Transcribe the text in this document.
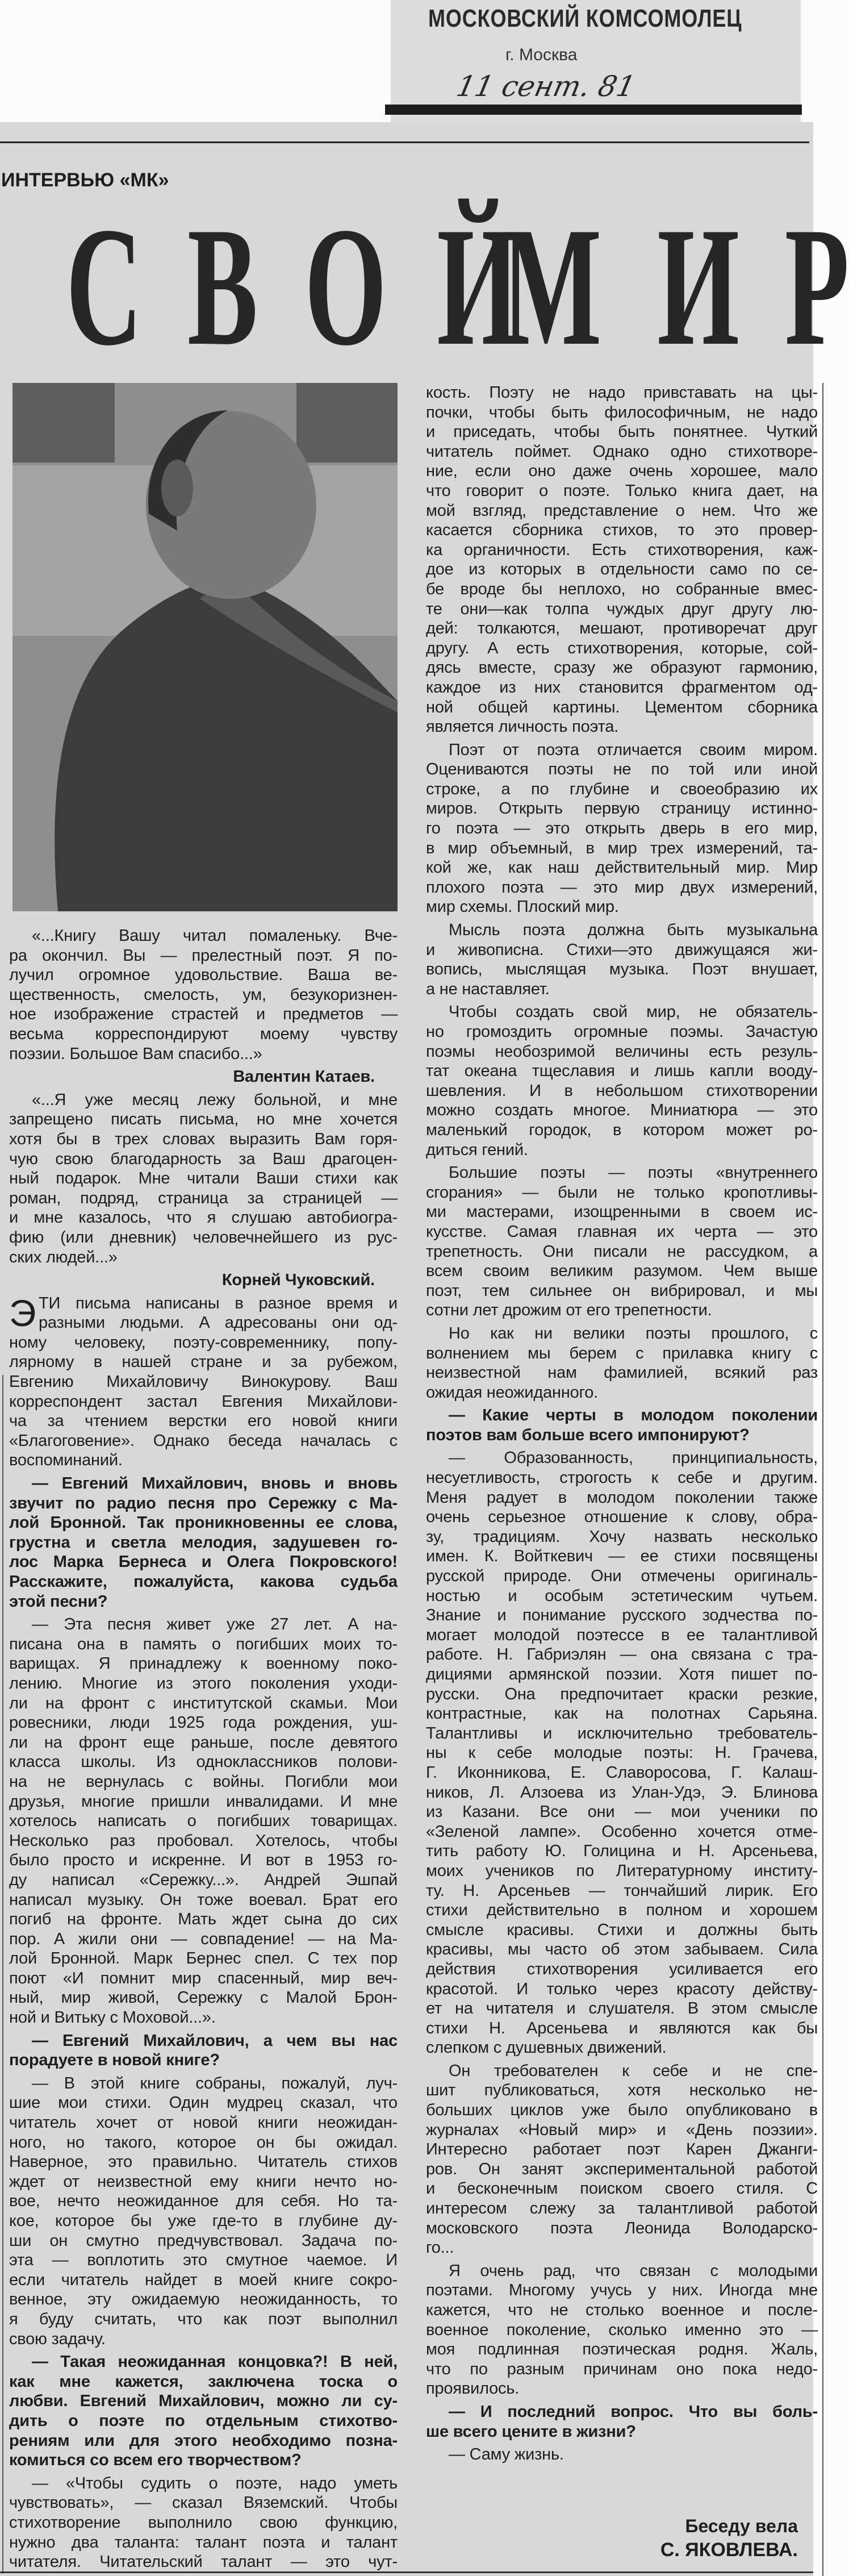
МОСКОВСКИЙ КОМСОМОЛЕЦ
г. Москва
11 сент. 81
ИНТЕРВЬЮ «МК»
С В О Й
М И Р
«...Книгу Вашу читал помаленьку. Вче-
ра окончил. Вы — прелестный поэт. Я по-
лучил огромное удовольствие. Ваша ве-
щественность, смелость, ум, безукоризнен-
ное изображение страстей и предметов —
весьма корреспондируют моему чувству
поэзии. Большое Вам спасибо...»
Валентин Катаев.
«...Я уже месяц лежу больной, и мне
запрещено писать письма, но мне хочется
хотя бы в трех словах выразить Вам горя-
чую свою благодарность за Ваш драгоцен-
ный подарок. Мне читали Ваши стихи как
роман, подряд, страница за страницей —
и мне казалось, что я слушаю автобиогра-
фию (или дневник) человечнейшего из рус-
ских людей...»
Корней Чуковский.
Э ТИ письма написаны в разное время и
разными людьми. А адресованы они од-
ному человеку, поэту-современнику, попу-
лярному в нашей стране и за рубежом,
Евгению Михайловичу Винокурову. Ваш
корреспондент застал Евгения Михайлови-
ча за чтением верстки его новой книги
«Благоговение». Однако беседа началась с
воспоминаний.
— Евгений Михайлович, вновь и вновь
звучит по радио песня про Сережку с Ма-
лой Бронной. Так проникновенны ее слова,
грустна и светла мелодия, задушевен го-
лос Марка Бернеса и Олега Покровского!
Расскажите, пожалуйста, какова судьба
этой песни?
— Эта песня живет уже 27 лет. А на-
писана она в память о погибших моих то-
варищах. Я принадлежу к военному поко-
лению. Многие из этого поколения уходи-
ли на фронт с институтской скамьи. Мои
ровесники, люди 1925 года рождения, уш-
ли на фронт еще раньше, после девятого
класса школы. Из одноклассников полови-
на не вернулась с войны. Погибли мои
друзья, многие пришли инвалидами. И мне
хотелось написать о погибших товарищах.
Несколько раз пробовал. Хотелось, чтобы
было просто и искренне. И вот в 1953 го-
ду написал «Сережку...». Андрей Эшпай
написал музыку. Он тоже воевал. Брат его
погиб на фронте. Мать ждет сына до сих
пор. А жили они — совпадение! — на Ма-
лой Бронной. Марк Бернес спел. С тех пор
поют «И помнит мир спасенный, мир веч-
ный, мир живой, Сережку с Малой Брон-
ной и Витьку с Моховой...».
— Евгений Михайлович, а чем вы нас
порадуете в новой книге?
— В этой книге собраны, пожалуй, луч-
шие мои стихи. Один мудрец сказал, что
читатель хочет от новой книги неожидан-
ного, но такого, которое он бы ожидал.
Наверное, это правильно. Читатель стихов
ждет от неизвестной ему книги нечто но-
вое, нечто неожиданное для себя. Но та-
кое, которое бы уже где-то в глубине ду-
ши он смутно предчувствовал. Задача по-
эта — воплотить это смутное чаемое. И
если читатель найдет в моей книге сокро-
венное, эту ожидаемую неожиданность, то
я буду считать, что как поэт выполнил
свою задачу.
— Такая неожиданная концовка?! В ней,
как мне кажется, заключена тоска о
любви. Евгений Михайлович, можно ли су-
дить о поэте по отдельным стихотво-
рениям или для этого необходимо позна-
комиться со всем его творчеством?
— «Чтобы судить о поэте, надо уметь
чувствовать», — сказал Вяземский. Чтобы
стихотворение выполнило свою функцию,
нужно два таланта: талант поэта и талант
читателя. Читательский талант — это чут-
кость. Поэту не надо привставать на цы-
почки, чтобы быть философичным, не надо
и приседать, чтобы быть понятнее. Чуткий
читатель поймет. Однако одно стихотворе-
ние, если оно даже очень хорошее, мало
что говорит о поэте. Только книга дает, на
мой взгляд, представление о нем. Что же
касается сборника стихов, то это провер-
ка органичности. Есть стихотворения, каж-
дое из которых в отдельности само по се-
бе вроде бы неплохо, но собранные вмес-
те они—как толпа чуждых друг другу лю-
дей: толкаются, мешают, противоречат друг
другу. А есть стихотворения, которые, сой-
дясь вместе, сразу же образуют гармонию,
каждое из них становится фрагментом од-
ной общей картины. Цементом сборника
является личность поэта.
Поэт от поэта отличается своим миром.
Оцениваются поэты не по той или иной
строке, а по глубине и своеобразию их
миров. Открыть первую страницу истинно-
го поэта — это открыть дверь в его мир,
в мир объемный, в мир трех измерений, та-
кой же, как наш действительный мир. Мир
плохого поэта — это мир двух измерений,
мир схемы. Плоский мир.
Мысль поэта должна быть музыкальна
и живописна. Стихи—это движущаяся жи-
вопись, мыслящая музыка. Поэт внушает,
а не наставляет.
Чтобы создать свой мир, не обязатель-
но громоздить огромные поэмы. Зачастую
поэмы необозримой величины есть резуль-
тат океана тщеславия и лишь капли вооду-
шевления. И в небольшом стихотворении
можно создать многое. Миниатюра — это
маленький городок, в котором может ро-
диться гений.
Большие поэты — поэты «внутреннего
сгорания» — были не только кропотливы-
ми мастерами, изощренными в своем ис-
кусстве. Самая главная их черта — это
трепетность. Они писали не рассудком, а
всем своим великим разумом. Чем выше
поэт, тем сильнее он вибрировал, и мы
сотни лет дрожим от его трепетности.
Но как ни велики поэты прошлого, с
волнением мы берем с прилавка книгу с
неизвестной нам фамилией, всякий раз
ожидая неожиданного.
— Какие черты в молодом поколении
поэтов вам больше всего импонируют?
— Образованность, принципиальность,
несуетливость, строгость к себе и другим.
Меня радует в молодом поколении также
очень серьезное отношение к слову, обра-
зу, традициям. Хочу назвать несколько
имен. К. Войткевич — ее стихи посвящены
русской природе. Они отмечены оригиналь-
ностью и особым эстетическим чутьем.
Знание и понимание русского зодчества по-
могает молодой поэтессе в ее талантливой
работе. Н. Габриэлян — она связана с тра-
дициями армянской поэзии. Хотя пишет по-
русски. Она предпочитает краски резкие,
контрастные, как на полотнах Сарьяна.
Талантливы и исключительно требователь-
ны к себе молодые поэты: Н. Грачева,
Г. Иконникова, Е. Славоросова, Г. Калаш-
ников, Л. Алзоева из Улан-Удэ, Э. Блинова
из Казани. Все они — мои ученики по
«Зеленой лампе». Особенно хочется отме-
тить работу Ю. Голицина и Н. Арсеньева,
моих учеников по Литературному институ-
ту. Н. Арсеньев — тончайший лирик. Его
стихи действительно в полном и хорошем
смысле красивы. Стихи и должны быть
красивы, мы часто об этом забываем. Сила
действия стихотворения усиливается его
красотой. И только через красоту действу-
ет на читателя и слушателя. В этом смысле
стихи Н. Арсеньева и являются как бы
слепком с душевных движений.
Он требователен к себе и не спе-
шит публиковаться, хотя несколько не-
больших циклов уже было опубликовано в
журналах «Новый мир» и «День поэзии».
Интересно работает поэт Карен Джанги-
ров. Он занят экспериментальной работой
и бесконечным поиском своего стиля. С
интересом слежу за талантливой работой
московского поэта Леонида Володарско-
го...
Я очень рад, что связан с молодыми
поэтами. Многому учусь у них. Иногда мне
кажется, что не столько военное и после-
военное поколение, сколько именно это —
моя подлинная поэтическая родня. Жаль,
что по разным причинам оно пока недо-
проявилось.
— И последний вопрос. Что вы боль-
ше всего цените в жизни?
— Саму жизнь.
Беседу вела
С. ЯКОВЛЕВА.
